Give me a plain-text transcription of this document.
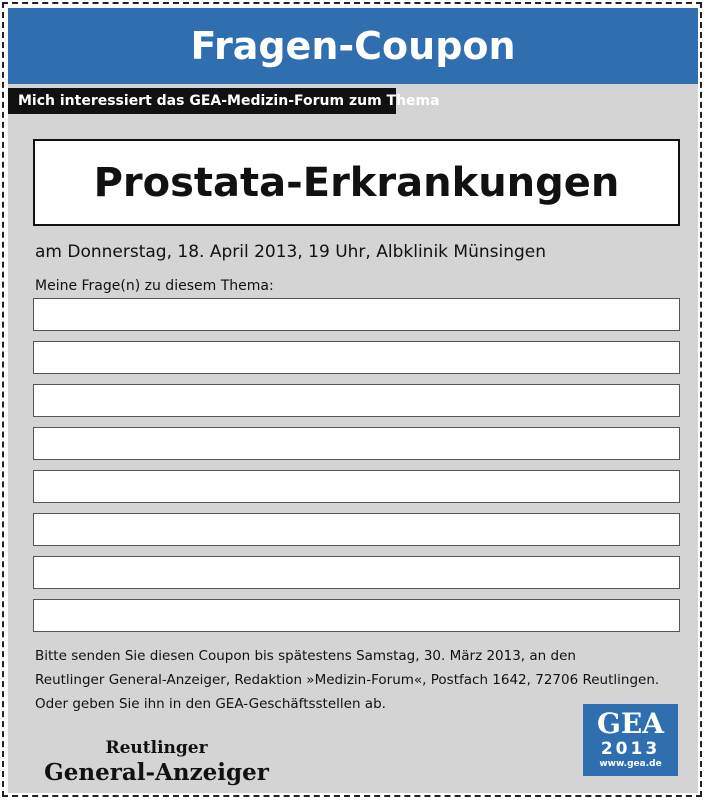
Fragen-Coupon
Mich interessiert das GEA-Medizin-Forum zum Thema
Prostata-Erkrankungen
am Donnerstag, 18. April 2013, 19 Uhr, Albklinik Münsingen
Meine Frage(n) zu diesem Thema:
Bitte senden Sie diesen Coupon bis spätestens Samstag, 30. März 2013, an den
Reutlinger General-Anzeiger, Redaktion »Medizin-Forum«, Postfach 1642, 72706 Reutlingen.
Oder geben Sie ihn in den GEA-Geschäftsstellen ab.
Reutlinger
General-Anzeiger
GEA
2013
www.gea.de
